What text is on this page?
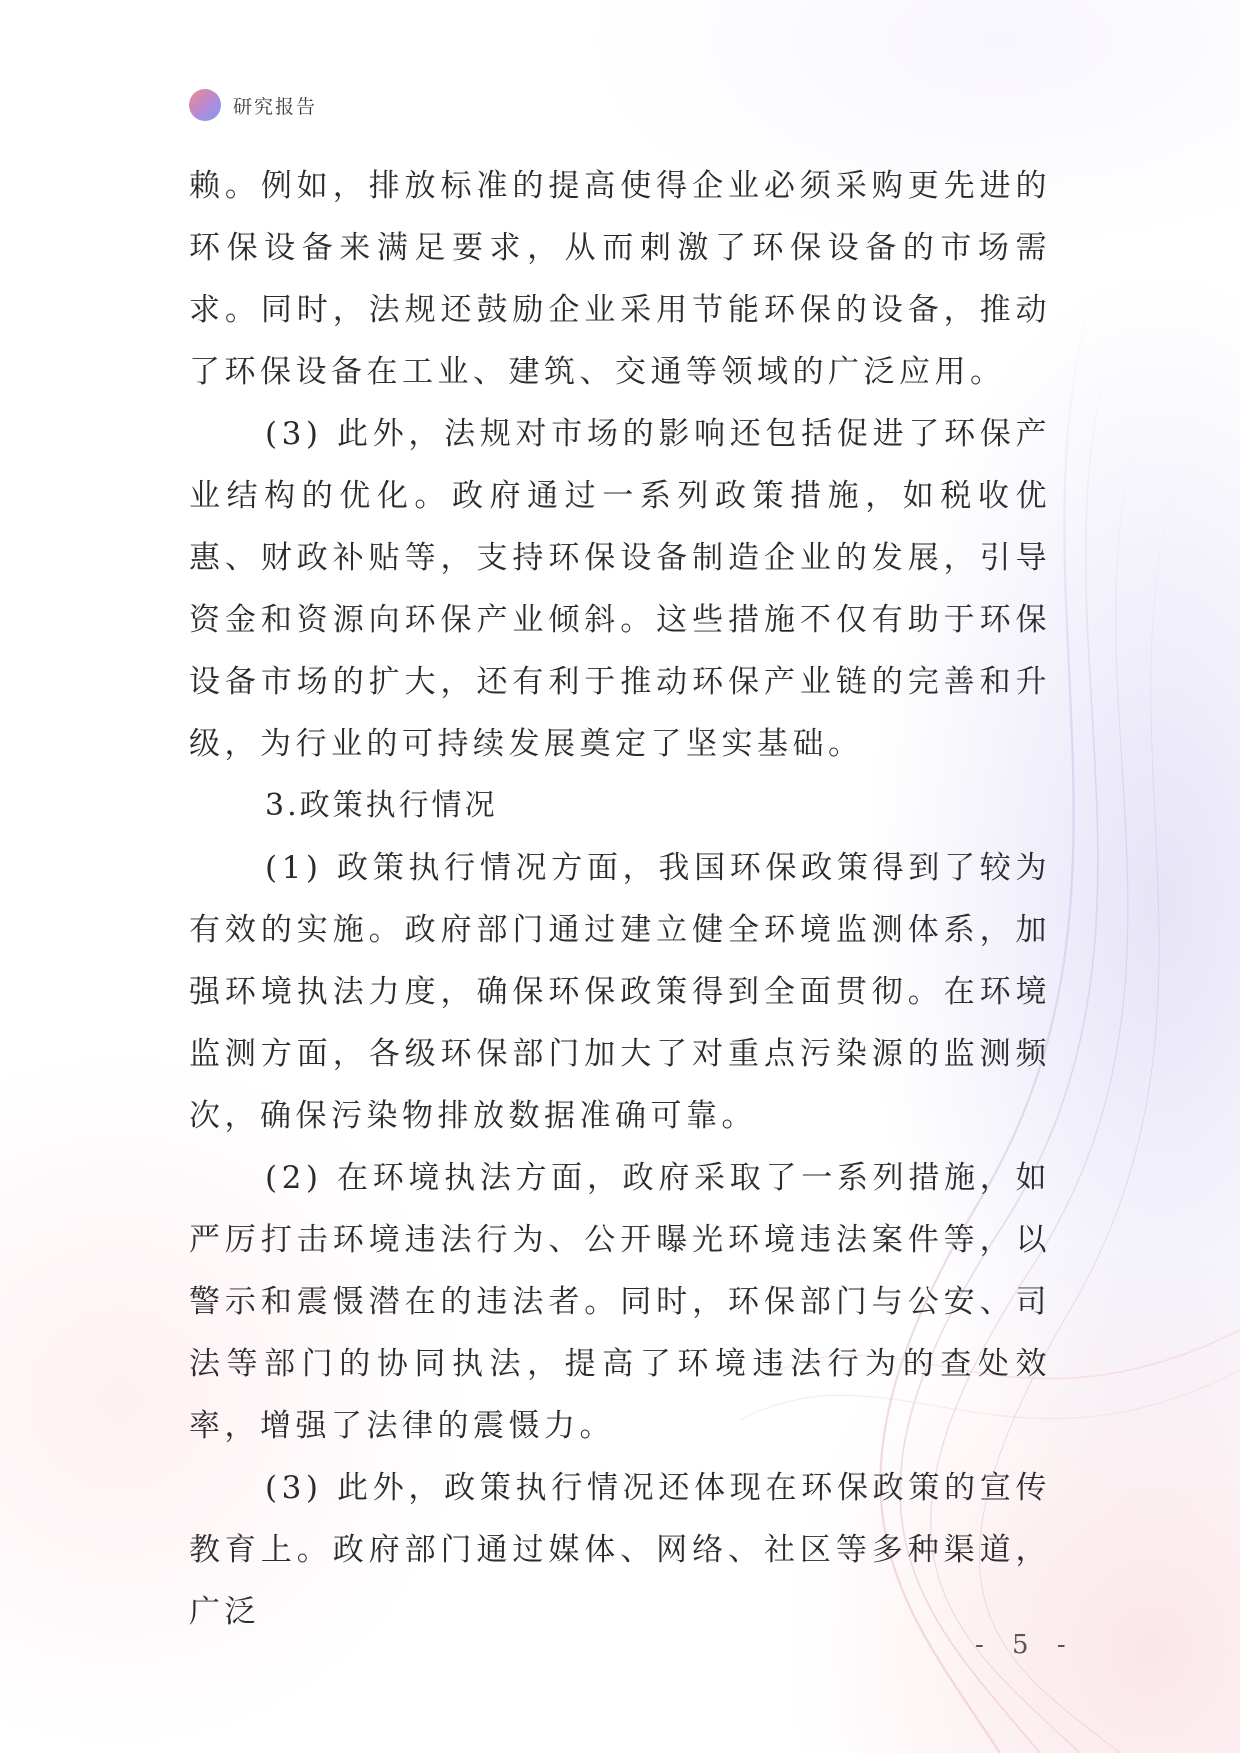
研究报告

赖。例如，排放标准的提高使得企业必须采购更先进的环保设备来满足要求，从而刺激了环保设备的市场需求。同时，法规还鼓励企业采用节能环保的设备，推动了环保设备在工业、建筑、交通等领域的广泛应用。

(3) 此外，法规对市场的影响还包括促进了环保产业结构的优化。政府通过一系列政策措施，如税收优惠、财政补贴等，支持环保设备制造企业的发展，引导资金和资源向环保产业倾斜。这些措施不仅有助于环保设备市场的扩大，还有利于推动环保产业链的完善和升级，为行业的可持续发展奠定了坚实基础。

3.政策执行情况

(1) 政策执行情况方面，我国环保政策得到了较为有效的实施。政府部门通过建立健全环境监测体系，加强环境执法力度，确保环保政策得到全面贯彻。在环境监测方面，各级环保部门加大了对重点污染源的监测频次，确保污染物排放数据准确可靠。

(2) 在环境执法方面，政府采取了一系列措施，如严厉打击环境违法行为、公开曝光环境违法案件等，以警示和震慑潜在的违法者。同时，环保部门与公安、司法等部门的协同执法，提高了环境违法行为的查处效率，增强了法律的震慑力。

(3) 此外，政策执行情况还体现在环保政策的宣传教育上。政府部门通过媒体、网络、社区等多种渠道，广泛

- 5 -
